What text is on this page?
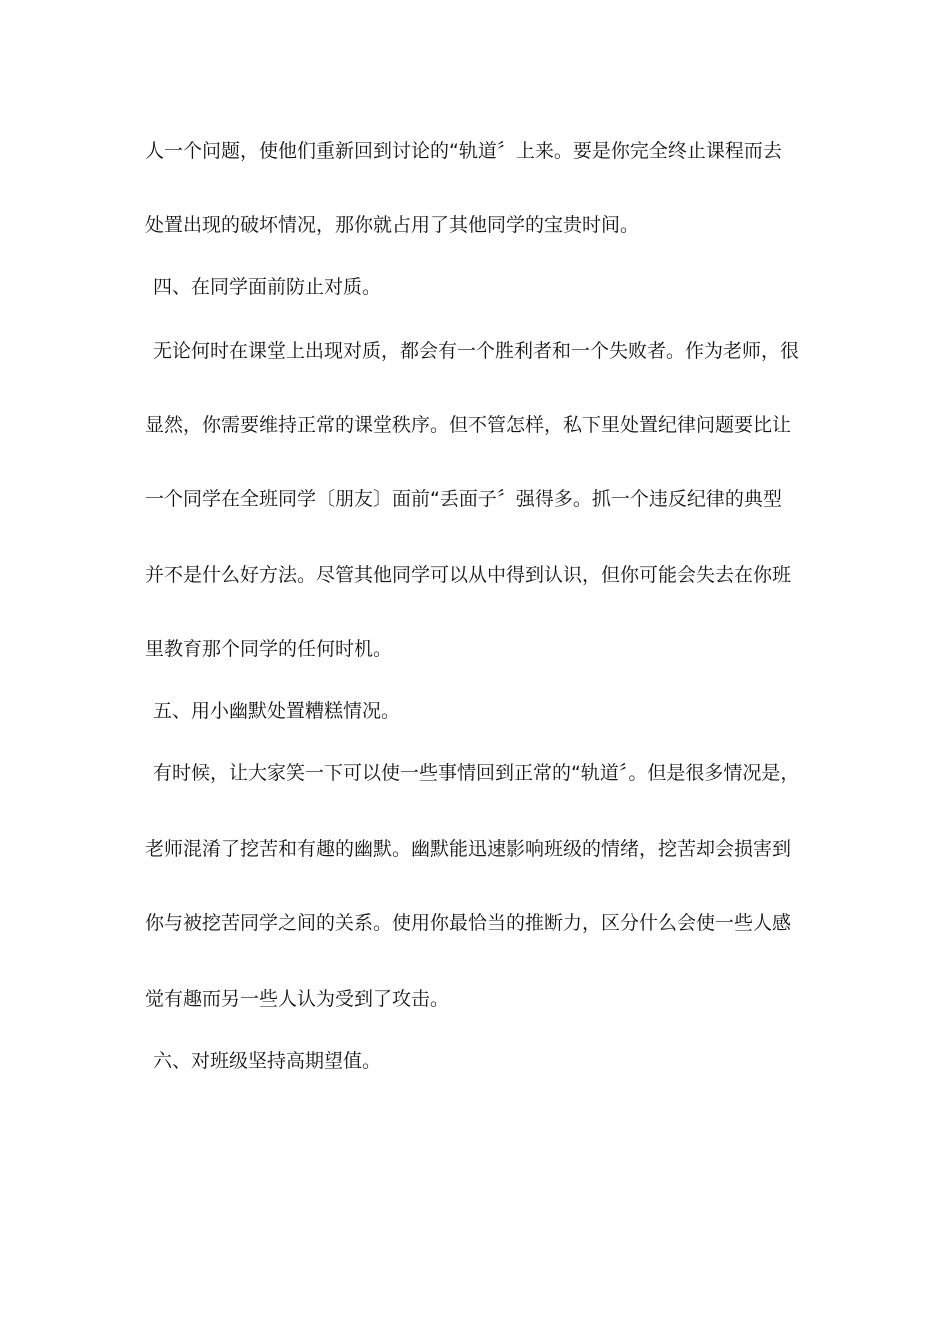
人一个问题，使他们重新回到讨论的“轨道〞上来。要是你完全终止课程而去
处置出现的破坏情况，那你就占用了其他同学的宝贵时间。
四、在同学面前防止对质。
无论何时在课堂上出现对质，都会有一个胜利者和一个失败者。作为老师，很
显然，你需要维持正常的课堂秩序。但不管怎样，私下里处置纪律问题要比让
一个同学在全班同学〔朋友〕面前“丢面子〞强得多。抓一个违反纪律的典型
并不是什么好方法。尽管其他同学可以从中得到认识，但你可能会失去在你班
里教育那个同学的任何时机。
五、用小幽默处置糟糕情况。
有时候，让大家笑一下可以使一些事情回到正常的“轨道〞。但是很多情况是，
老师混淆了挖苦和有趣的幽默。幽默能迅速影响班级的情绪，挖苦却会损害到
你与被挖苦同学之间的关系。使用你最恰当的推断力，区分什么会使一些人感
觉有趣而另一些人认为受到了攻击。
六、对班级坚持高期望值。
